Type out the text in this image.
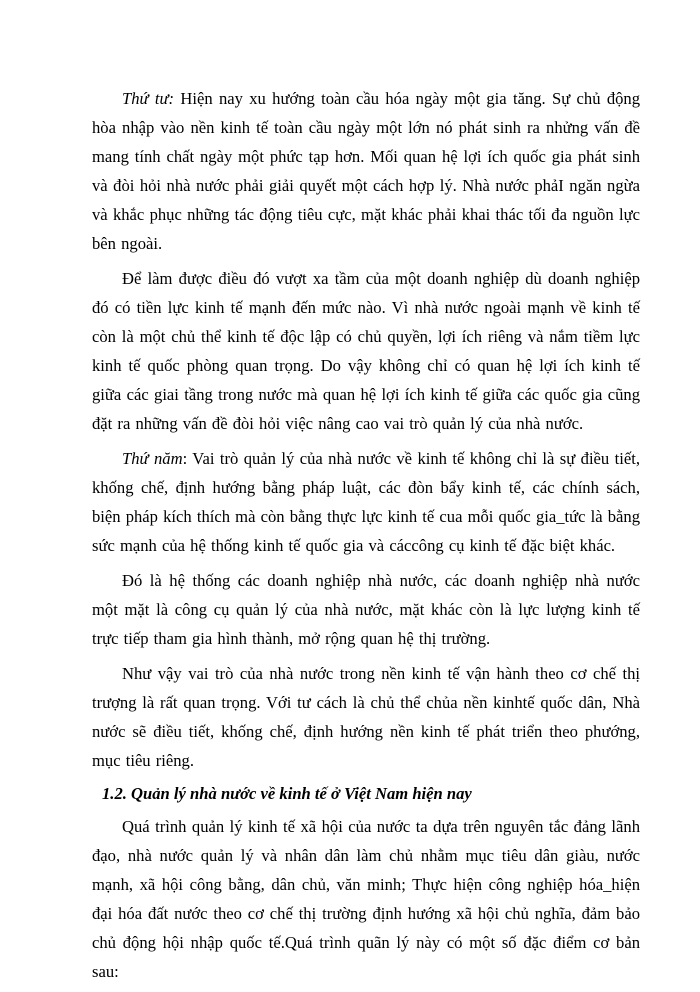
Thứ tư: Hiện nay xu hướng toàn cầu hóa ngày một gia tăng. Sự chủ động hòa nhập vào nền kinh tế toàn cầu ngày một lớn nó phát sinh ra nhửng vấn đề mang tính chất ngày một phức tạp hơn. Mối quan hệ lợi ích quốc gia phát sinh và đòi hỏi nhà nước phải giải quyết một cách hợp lý. Nhà nước phảI ngăn ngừa và khắc phục những tác động tiêu cực, mặt khác phải khai thác tối đa nguồn lực bên ngoài.

Để làm được điều đó vượt xa tầm của một doanh nghiệp dù doanh nghiệp đó có tiền lực kinh tế mạnh đến mức nào. Vì nhà nước ngoài mạnh về kinh tế còn là một chủ thể kinh tế độc lập có chủ quyền, lợi ích riêng và nắm tiềm lực kinh tế quốc phòng quan trọng. Do vậy không chỉ có quan hệ lợi ích kinh tế giữa các giai tầng trong nước mà quan hệ lợi ích kinh tế giữa các quốc gia cũng đặt ra những vấn đề đòi hỏi việc nâng cao vai trò quản lý của nhà nước.

Thứ năm: Vai trò quản lý của nhà nước về kinh tế không chỉ là sự điều tiết, khống chế, định hướng bằng pháp luật, các đòn bẩy kinh tế, các chính sách, biện pháp kích thích mà còn bằng thực lực kinh tế cua mỗi quốc gia_tức là bằng sức mạnh của hệ thống kinh tế quốc gia và cáccông cụ kinh tế đặc biệt khác.

Đó là hệ thống các doanh nghiệp nhà nước, các doanh nghiệp nhà nước một mặt là công cụ quản lý của nhà nước, mặt khác còn là lực lượng kinh tế trực tiếp tham gia hình thành, mở rộng quan hệ thị trường.

Như vậy vai trò của nhà nước trong nền kinh tế vận hành theo cơ chế thị trượng là rất quan trọng. Với tư cách là chủ thể chủa nền kinhtế quốc dân, Nhà nước sẽ điều tiết, khống chế, định hướng nền kinh tế phát triển theo phướng, mục tiêu riêng.

1.2. Quản lý nhà nước về kinh tế ở Việt Nam hiện nay

Quá trình quản lý kinh tế xã hội của nước ta dựa trên nguyên tắc đảng lãnh đạo, nhà nước quản lý và nhân dân làm chủ nhằm mục tiêu dân giàu, nước mạnh, xã hội công bằng, dân chủ, văn minh; Thực hiện công nghiệp hóa_hiện đại hóa đất nước theo cơ chế thị trường định hướng xã hội chủ nghĩa, đảm bảo chủ động hội nhập quốc tế.Quá trình quãn lý này có một số đặc điểm cơ bản sau:
